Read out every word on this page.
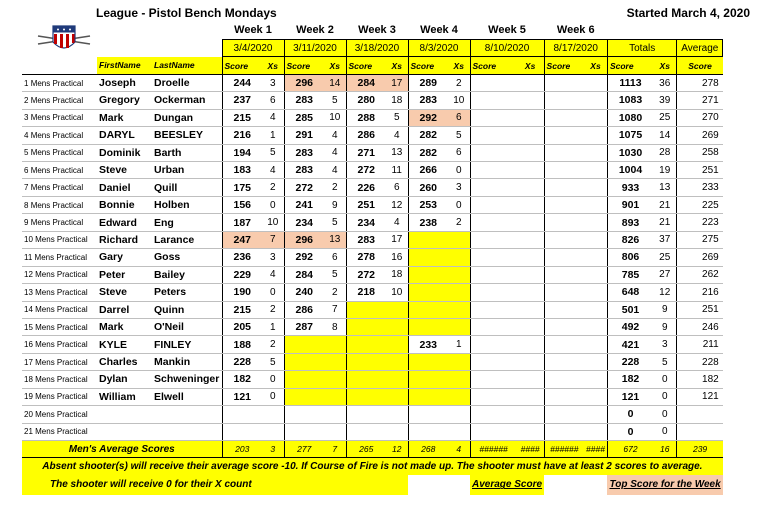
League - Pistol Bench Mondays	Started March 4, 2020
			Week 1		Week 2		Week 3		Week 4		Week 5		Week 6				
			3/4/2020		3/11/2020		3/18/2020		8/3/2020		8/10/2020		8/17/2020		Totals		Average
	FirstName	LastName	Score	Xs	Score	Xs	Score	Xs	Score	Xs	Score	Xs	Score	Xs	Score	Xs	Score
1 Mens Practical	Joseph	Droelle	244	3	296	14	284	17	289	2					1113	36	278
2 Mens Practical	Gregory	Ockerman	237	6	283	5	280	18	283	10					1083	39	271
3 Mens Practical	Mark	Dungan	215	4	285	10	288	5	292	6					1080	25	270
4 Mens Practical	DARYL	BEESLEY	216	1	291	4	286	4	282	5					1075	14	269
5 Mens Practical	Dominik	Barth	194	5	283	4	271	13	282	6					1030	28	258
6 Mens Practical	Steve	Urban	183	4	283	4	272	11	266	0					1004	19	251
7 Mens Practical	Daniel	Quill	175	2	272	2	226	6	260	3					933	13	233
8 Mens Practical	Bonnie	Holben	156	0	241	9	251	12	253	0					901	21	225
9 Mens Practical	Edward	Eng	187	10	234	5	234	4	238	2					893	21	223
10 Mens Practical	Richard	Larance	247	7	296	13	283	17							826	37	275
11 Mens Practical	Gary	Goss	236	3	292	6	278	16							806	25	269
12 Mens Practical	Peter	Bailey	229	4	284	5	272	18							785	27	262
13 Mens Practical	Steve	Peters	190	0	240	2	218	10							648	12	216
14 Mens Practical	Darrel	Quinn	215	2	286	7									501	9	251
15 Mens Practical	Mark	O'Neil	205	1	287	8									492	9	246
16 Mens Practical	KYLE	FINLEY	188	2					233	1					421	3	211
17 Mens Practical	Charles	Mankin	228	5											228	5	228
18 Mens Practical	Dylan	Schweninger	182	0											182	0	182
19 Mens Practical	William	Elwell	121	0											121	0	121
20 Mens Practical															0	0	
21 Mens Practical															0	0	
Men's Average Scores			203	3	277	7	265	12	268	4	######	####	######	####	672	16	239
Absent shooter(s) will receive their average score -10. If Course of Fire is not made up. The shooter must have at least 2 scores to average.																	
The shooter will receive 0 for their X count											Average Score				Top Score for the Week		
